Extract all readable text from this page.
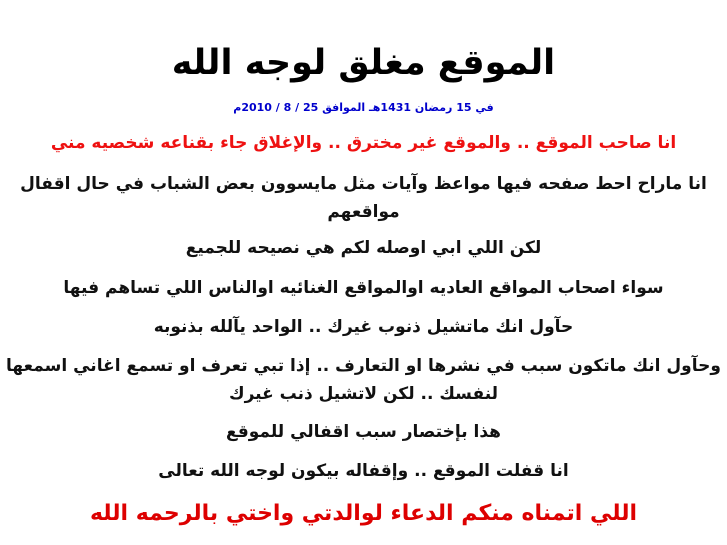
الموقع مغلق لوجه الله
في 15 رمضان 1431هـ الموافق 25 / 8 / 2010م
انا صاحب الموقع .. والموقع غير مخترق .. والإغلاق جاء بقناعه شخصيه مني
انا ماراح احط صفحه فيها مواعظ وآيات مثل مايسوون بعض الشباب في حال اقفال مواقعهم
لكن اللي ابي اوصله لكم هي نصيحه للجميع
سواء اصحاب المواقع العاديه اوالمواقع الغنائيه اوالناس اللي تساهم فيها
حآول انك ماتشيل ذنوب غيرك .. الواحد يآلله بذنوبه
وحآول انك ماتكون سبب في نشرها او التعارف .. إذا تبي تعرف او تسمع اغاني اسمعها لنفسك .. لكن لاتشيل ذنب غيرك
هذا بإختصار سبب اقفالي للموقع
انا قفلت الموقع .. وإقفاله بيكون لوجه الله تعالى
اللي اتمناه منكم الدعاء لوالدتي واختي بالرحمه الله
